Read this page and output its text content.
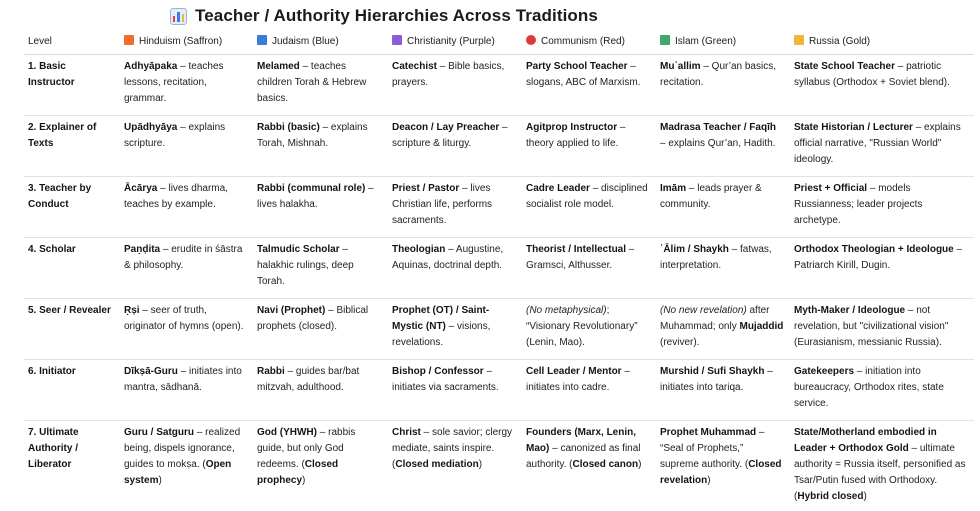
Teacher / Authority Hierarchies Across Traditions
Level	Hinduism (Saffron)	Judaism (Blue)	Christianity (Purple)	Communism (Red)	Islam (Green)	Russia (Gold)
1. Basic Instructor	Adhyāpaka – teaches lessons, recitation, grammar.	Melamed – teaches children Torah & Hebrew basics.	Catechist – Bible basics, prayers.	Party School Teacher – slogans, ABC of Marxism.	Muʿallim – Qur’an basics, recitation.	State School Teacher – patriotic syllabus (Orthodox + Soviet blend).
2. Explainer of Texts	Upādhyāya – explains scripture.	Rabbi (basic) – explains Torah, Mishnah.	Deacon / Lay Preacher – scripture & liturgy.	Agitprop Instructor – theory applied to life.	Madrasa Teacher / Faqīh – explains Qur’an, Hadith.	State Historian / Lecturer – explains official narrative, "Russian World" ideology.
3. Teacher by Conduct	Ācārya – lives dharma, teaches by example.	Rabbi (communal role) – lives halakha.	Priest / Pastor – lives Christian life, performs sacraments.	Cadre Leader – disciplined socialist role model.	Imām – leads prayer & community.	Priest + Official – models Russianness; leader projects archetype.
4. Scholar	Paṇḍita – erudite in śāstra & philosophy.	Talmudic Scholar – halakhic rulings, deep Torah.	Theologian – Augustine, Aquinas, doctrinal depth.	Theorist / Intellectual – Gramsci, Althusser.	ʿĀlim / Shaykh – fatwas, interpretation.	Orthodox Theologian + Ideologue – Patriarch Kirill, Dugin.
5. Seer / Revealer	Ṛṣi – seer of truth, originator of hymns (open).	Navi (Prophet) – Biblical prophets (closed).	Prophet (OT) / Saint-Mystic (NT) – visions, revelations.	(No metaphysical); “Visionary Revolutionary” (Lenin, Mao).	(No new revelation) after Muhammad; only Mujaddid (reviver).	Myth-Maker / Ideologue – not revelation, but "civilizational vision" (Eurasianism, messianic Russia).
6. Initiator	Dīkṣā-Guru – initiates into mantra, sādhanā.	Rabbi – guides bar/bat mitzvah, adulthood.	Bishop / Confessor – initiates via sacraments.	Cell Leader / Mentor – initiates into cadre.	Murshid / Sufi Shaykh – initiates into tariqa.	Gatekeepers – initiation into bureaucracy, Orthodox rites, state service.
7. Ultimate Authority / Liberator	Guru / Satguru – realized being, dispels ignorance, guides to mokṣa. (Open system)	God (YHWH) – rabbis guide, but only God redeems. (Closed prophecy)	Christ – sole savior; clergy mediate, saints inspire. (Closed mediation)	Founders (Marx, Lenin, Mao) – canonized as final authority. (Closed canon)	Prophet Muhammad – “Seal of Prophets,” supreme authority. (Closed revelation)	State/Motherland embodied in Leader + Orthodox Gold – ultimate authority = Russia itself, personified as Tsar/Putin fused with Orthodoxy. (Hybrid closed)
